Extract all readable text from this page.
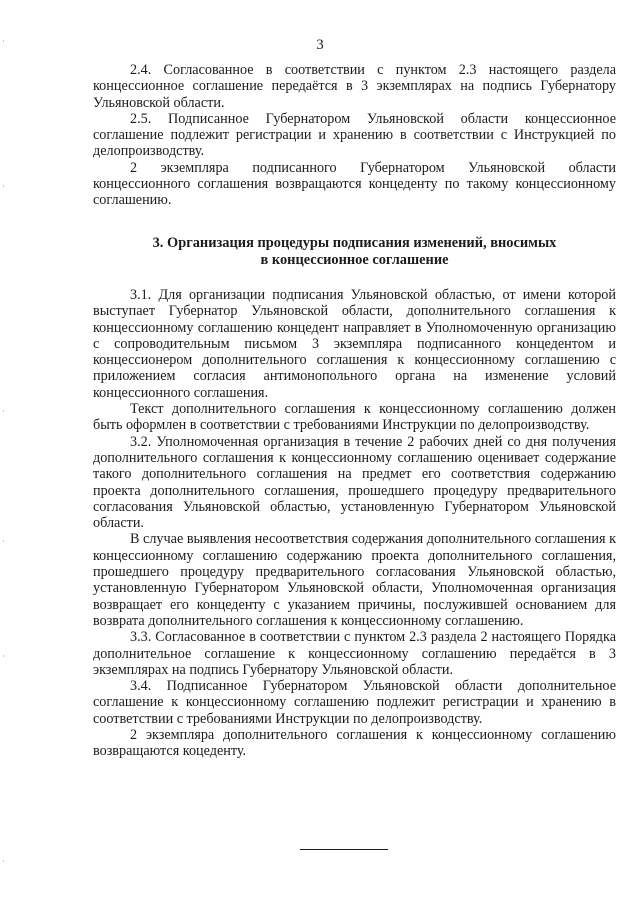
3

2.4. Согласованное в соответствии с пунктом 2.3 настоящего раздела концессионное соглашение передаётся в 3 экземплярах на подпись Губернатору Ульяновской области.

2.5. Подписанное Губернатором Ульяновской области концессионное соглашение подлежит регистрации и хранению в соответствии с Инструкцией по делопроизводству.

2 экземпляра подписанного Губернатором Ульяновской области концессионного соглашения возвращаются концеденту по такому концессионному соглашению.

3. Организация процедуры подписания изменений, вносимых
в концессионное соглашение

3.1. Для организации подписания Ульяновской областью, от имени которой выступает Губернатор Ульяновской области, дополнительного соглашения к концессионному соглашению концедент направляет в Уполномоченную организацию с сопроводительным письмом 3 экземпляра подписанного концедентом и концессионером дополнительного соглашения к концессионному соглашению с приложением согласия антимонопольного органа на изменение условий концессионного соглашения.

Текст дополнительного соглашения к концессионному соглашению должен быть оформлен в соответствии с требованиями Инструкции по делопроизводству.

3.2. Уполномоченная организация в течение 2 рабочих дней со дня получения дополнительного соглашения к концессионному соглашению оценивает содержание такого дополнительного соглашения на предмет его соответствия содержанию проекта дополнительного соглашения, прошедшего процедуру предварительного согласования Ульяновской областью, установленную Губернатором Ульяновской области.

В случае выявления несоответствия содержания дополнительного соглашения к концессионному соглашению содержанию проекта дополнительного соглашения, прошедшего процедуру предварительного согласования Ульяновской областью, установленную Губернатором Ульяновской области, Уполномоченная организация возвращает его концеденту с указанием причины, послужившей основанием для возврата дополнительного соглашения к концессионному соглашению.

3.3. Согласованное в соответствии с пунктом 2.3 раздела 2 настоящего Порядка дополнительное соглашение к концессионному соглашению передаётся в 3 экземплярах на подпись Губернатору Ульяновской области.

3.4. Подписанное Губернатором Ульяновской области дополнительное соглашение к концессионному соглашению подлежит регистрации и хранению в соответствии с требованиями Инструкции по делопроизводству.

2 экземпляра дополнительного соглашения к концессионному соглашению возвращаются коцеденту.
